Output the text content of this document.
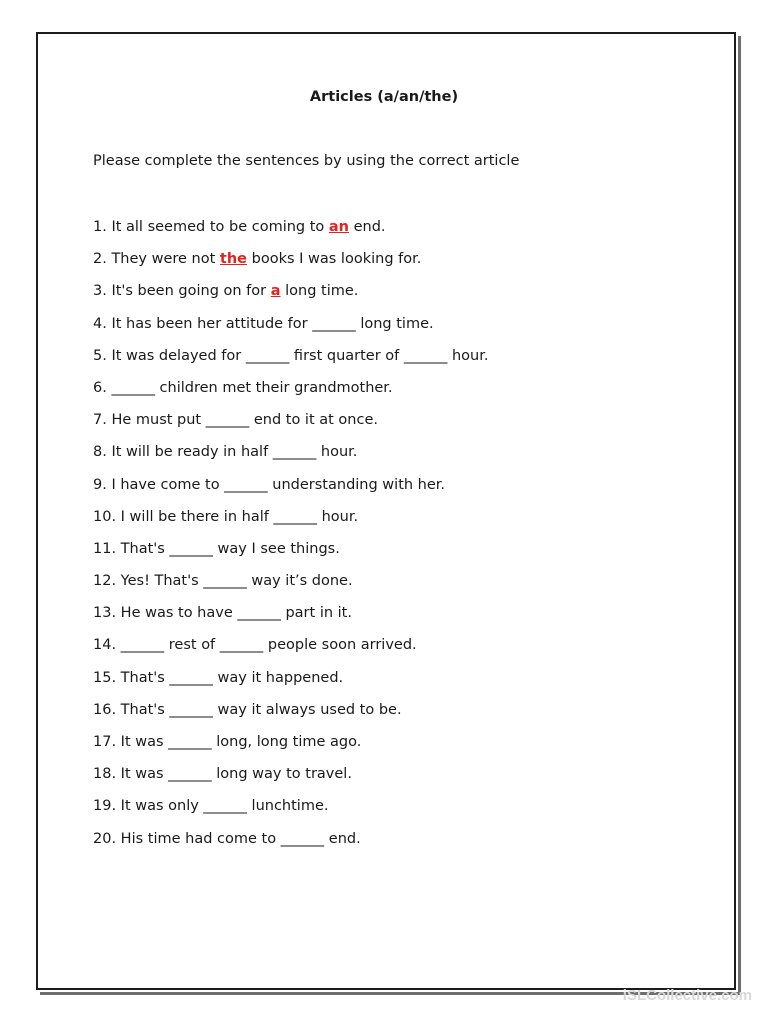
Articles (a/an/the)
Please complete the sentences by using the correct article
1. It all seemed to be coming to an end.
2. They were not the books I was looking for.
3. It's been going on for a long time.
4. It has been her attitude for ______ long time.
5. It was delayed for ______ first quarter of ______ hour.
6. ______ children met their grandmother.
7. He must put ______ end to it at once.
8. It will be ready in half ______ hour.
9. I have come to ______ understanding with her.
10. I will be there in half ______ hour.
11. That's ______ way I see things.
12. Yes! That's ______ way it’s done.
13. He was to have ______ part in it.
14. ______ rest of ______ people soon arrived.
15. That's ______ way it happened.
16. That's ______ way it always used to be.
17. It was ______ long, long time ago.
18. It was ______ long way to travel.
19. It was only ______ lunchtime.
20. His time had come to ______ end.
iSLCollective.com
